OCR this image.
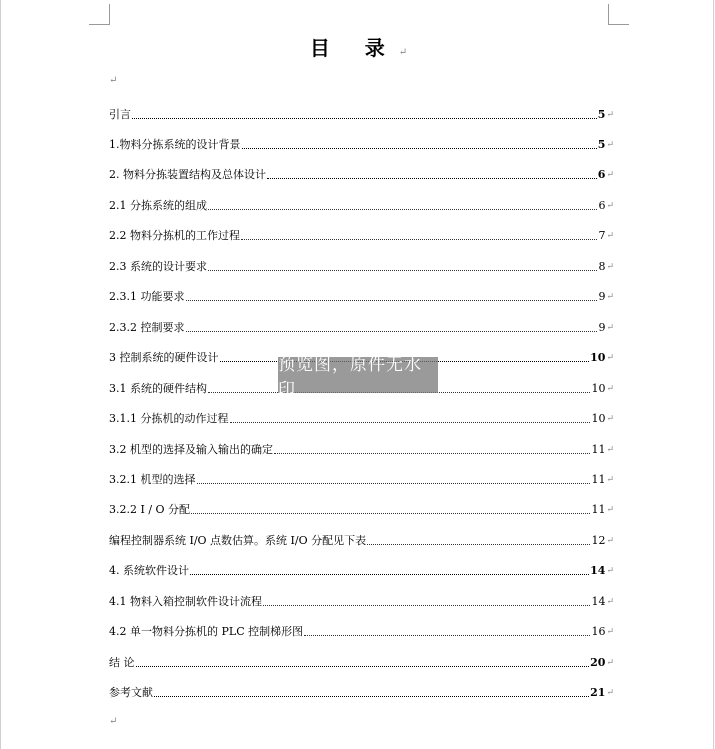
目 录↵
↵
引言	5 ↵
1.物料分拣系统的设计背景	5 ↵
2. 物料分拣装置结构及总体设计	6 ↵
2.1 分拣系统的组成	6 ↵
2.2 物料分拣机的工作过程	7 ↵
2.3 系统的设计要求	8 ↵
2.3.1 功能要求	9 ↵
2.3.2 控制要求	9 ↵
3 控制系统的硬件设计	10 ↵
3.1 系统的硬件结构	10 ↵
3.1.1 分拣机的动作过程	10 ↵
3.2 机型的选择及输入输出的确定	11 ↵
3.2.1 机型的选择	11 ↵
3.2.2 I / O 分配	11 ↵
编程控制器系统 I/O 点数估算。系统 I/O 分配见下表	12 ↵
4. 系统软件设计	14 ↵
4.1 物料入箱控制软件设计流程	14 ↵
4.2 单一物料分拣机的 PLC 控制梯形图	16 ↵
结 论	20 ↵
参考文献	21 ↵
↵
预览图，原件无水印
